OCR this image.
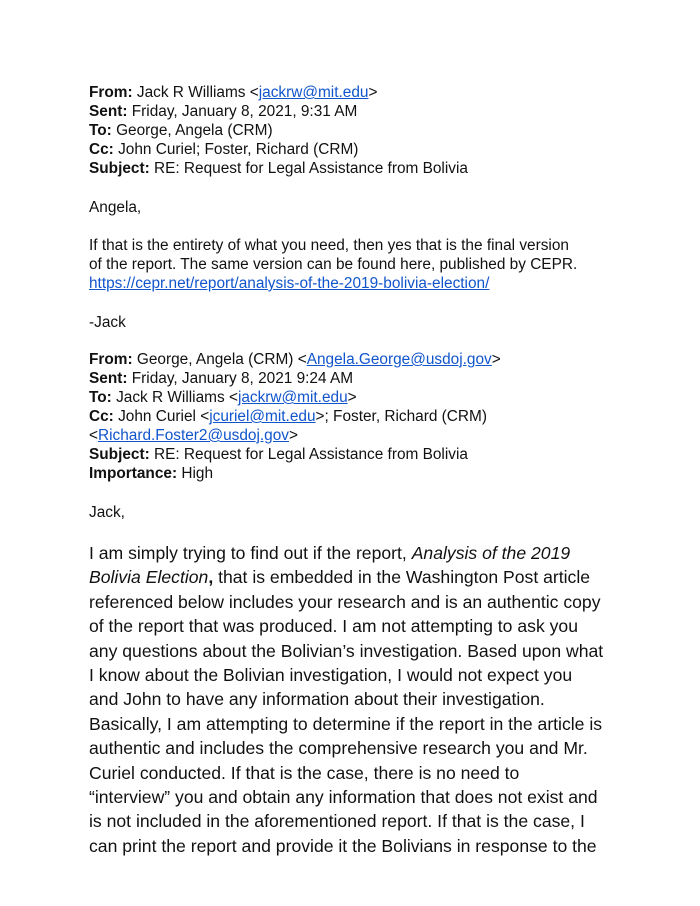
From: Jack R Williams <jackrw@mit.edu>
Sent: Friday, January 8, 2021, 9:31 AM
To: George, Angela (CRM)
Cc: John Curiel; Foster, Richard (CRM)
Subject: RE: Request for Legal Assistance from Bolivia
Angela,
If that is the entirety of what you need, then yes that is the final version
of the report. The same version can be found here, published by CEPR.
https://cepr.net/report/analysis-of-the-2019-bolivia-election/
-Jack
From: George, Angela (CRM) <Angela.George@usdoj.gov>
Sent: Friday, January 8, 2021 9:24 AM
To: Jack R Williams <jackrw@mit.edu>
Cc: John Curiel <jcuriel@mit.edu>; Foster, Richard (CRM)
<Richard.Foster2@usdoj.gov>
Subject: RE: Request for Legal Assistance from Bolivia
Importance: High
Jack,
I am simply trying to find out if the report, Analysis of the 2019
Bolivia Election, that is embedded in the Washington Post article
referenced below includes your research and is an authentic copy
of the report that was produced. I am not attempting to ask you
any questions about the Bolivian’s investigation. Based upon what
I know about the Bolivian investigation, I would not expect you
and John to have any information about their investigation.
Basically, I am attempting to determine if the report in the article is
authentic and includes the comprehensive research you and Mr.
Curiel conducted. If that is the case, there is no need to
“interview” you and obtain any information that does not exist and
is not included in the aforementioned report. If that is the case, I
can print the report and provide it the Bolivians in response to the
